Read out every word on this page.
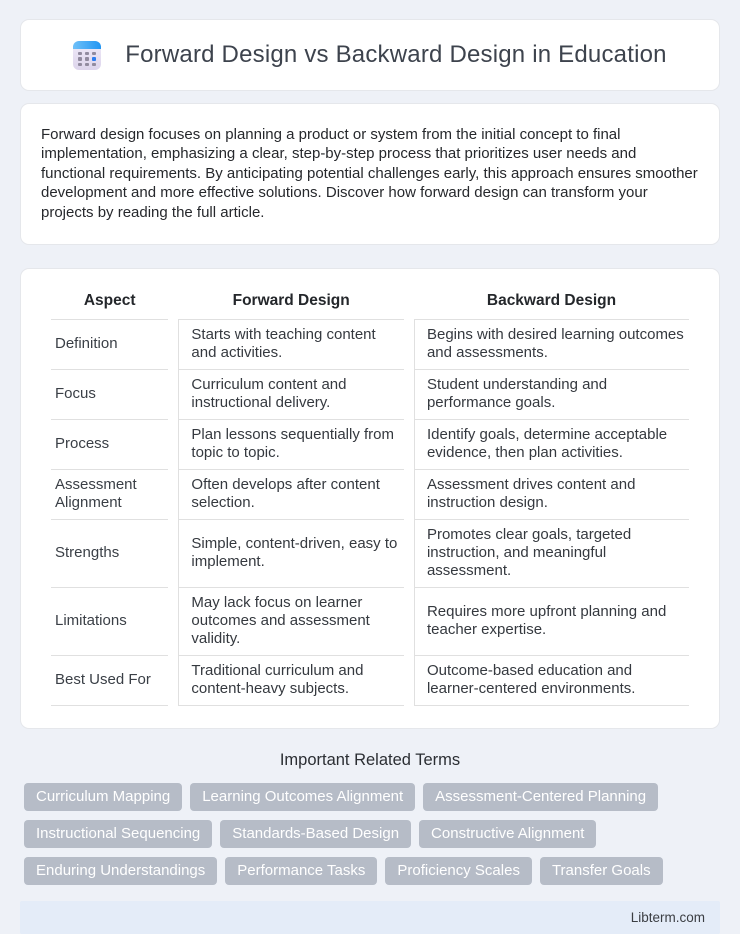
Forward Design vs Backward Design in Education

Forward design focuses on planning a product or system from the initial concept to final implementation, emphasizing a clear, step-by-step process that prioritizes user needs and functional requirements. By anticipating potential challenges early, this approach ensures smoother development and more effective solutions. Discover how forward design can transform your projects by reading the full article.

Aspect	Forward Design	Backward Design
Definition	Starts with teaching content and activities.	Begins with desired learning outcomes and assessments.
Focus	Curriculum content and instructional delivery.	Student understanding and performance goals.
Process	Plan lessons sequentially from topic to topic.	Identify goals, determine acceptable evidence, then plan activities.
Assessment Alignment	Often develops after content selection.	Assessment drives content and instruction design.
Strengths	Simple, content-driven, easy to implement.	Promotes clear goals, targeted instruction, and meaningful assessment.
Limitations	May lack focus on learner outcomes and assessment validity.	Requires more upfront planning and teacher expertise.
Best Used For	Traditional curriculum and content-heavy subjects.	Outcome-based education and learner-centered environments.
Important Related Terms
Curriculum Mapping	Learning Outcomes Alignment	Assessment-Centered Planning
Instructional Sequencing	Standards-Based Design	Constructive Alignment
Enduring Understandings	Performance Tasks	Proficiency Scales	Transfer Goals
Libterm.com
